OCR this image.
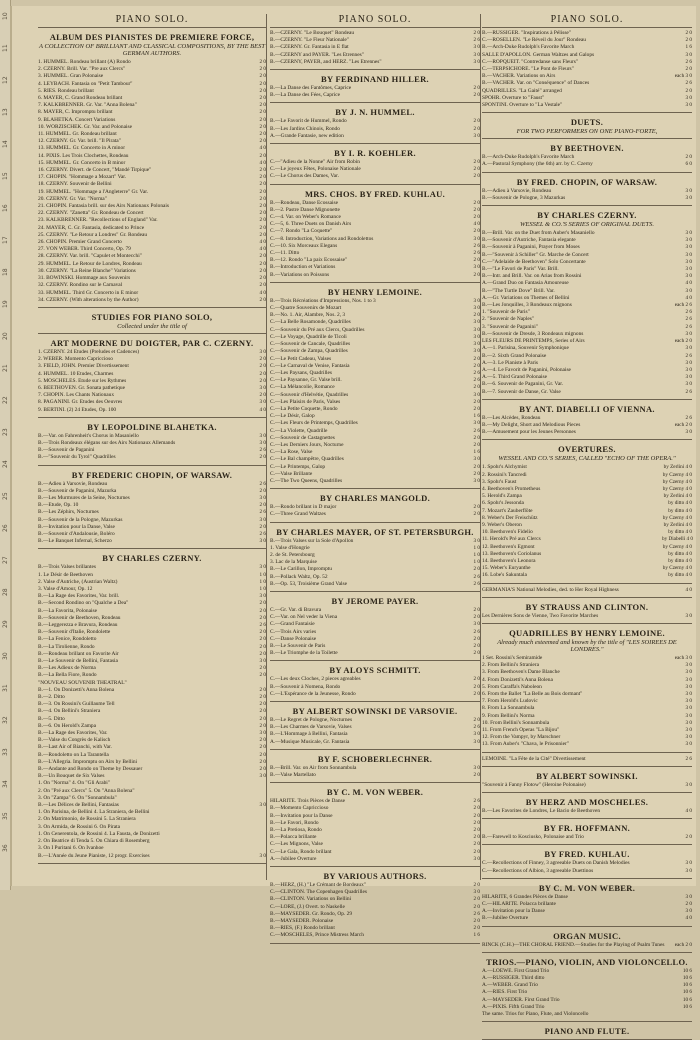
10
11
12
13
14
15
16
17
18
19
20
21
22
23
24
25
26
27
28
29
30
31
32
33
34
35
36
PIANO SOLO.
ALBUM DES PIANISTES DE PREMIERE FORCE,
A COLLECTION OF BRILLIANT AND CLASSICAL COMPOSITIONS, BY THE BEST GERMAN AUTHORS.
1. HUMMEL. Rondeau brillant (A) Rondo	2 0
2. CZERNY. Brill. Var. "Pre aux Clercs"	2 0
3. HUMMEL. Gran Polonaise	2 0
4. LEYBACH. Fantasia on "Petit Tambour"	2 0
5. RIES. Rondeau brillant	2 0
6. MAYER, C. Grand Rondeau brillant	2 0
7. KALKBRENNER. Gr. Var. "Anna Bolena"	2 0
8. MAYER, C. Impromptu brillant	2 0
9. BLAHETKA. Concert Variations	2 0
10. WORZISCHEK. Gr. Var. and Polonaise	2 0
11. HUMMEL. Gr. Rondeau brillant	2 0
12. CZERNY. Gr. Var. brill. "Il Pirata"	2 0
13. HUMMEL. Gr. Concerto in A minor	4 0
14. PIXIS. Les Trois Clochettes, Rondeau	2 0
15. HUMMEL. Gr. Concerto in B minor	4 0
16. CZERNY. Divert. de Concert, "Mandé Tirpique"	2 0
17. CHOPIN. "Hommage a Mozart" Var.	2 0
18. CZERNY. Souvenir de Bellini	2 0
19. HUMMEL. "Hommage a l'Angleterre" Gr. Var.	2 0
20. CZERNY. Gr. Var. "Norma"	2 0
21. CHOPIN. Fantasia brill. sur des Airs Nationaux Polonais	2 0
22. CZERNY. "Zanetta" Gr. Rondeau de Concert	2 0
23. KALKBRENNER. "Recollections of England" Var.	2 0
24. MAYER, C. Gr. Fantasia, dedicated to Prince	2 0
25. CZERNY. "Le Retour a Londres" Gr. Rondeau	2 0
26. CHOPIN. Premier Grand Concerto	4 0
27. VON WEBER. Third Concerto, Op. 79	4 0
28. CZERNY. Var. brill. "Capulet et Montecchi"	2 0
29. HUMMEL. Le Retour de Londres, Rondeau	2 0
30. CZERNY. "La Reine Blanche" Variations	2 0
31. BOWINSKI. Hommage aux Souvenirs	2 0
32. CZERNY. Rondino sur le Carnaval	2 0
33. HUMMEL. Third Gr. Concerto in E minor	4 0
34. CZERNY. (With alterations by the Author)	2 0
STUDIES FOR PIANO SOLO,
Collected under the title of
ART MODERNE DU DOIGTER, PAR C. CZERNY.
1. CZERNY. 24 Etudes (Preludes et Cadences)	3 0
2. WEBER. Momento Capriccioso	2 0
3. FIELD, JOHN. Premier Divertissement	2 0
4. HUMMEL. 10 Etudes, Charmes	2 0
5. MOSCHELES. Etude sur les Rythmes	2 0
6. BEETHOVEN. Gr. Sonata pathetique	3 0
7. CHOPIN. Les Chants Nationaux	2 0
8. PAGANINI. Gr. Etudes des Oeuvres	3 0
9. BERTINI. (2) 24 Etudes, Op. 100	4 0
BY LEOPOLDINE BLAHETKA.
B.—Var. on Fahrenheit's Chorus in Masaniello	3 0
B.—Trois Rondeaux élégans sur des Airs Nationaux Allemands	3 0
B.—Souvenir de Paganini	2 6
B.—"Souvenir du Tyrol" Quadrilles	2 0
BY FREDERIC CHOPIN, OF WARSAW.
B.—Adieu à Varsovie, Rondeau	2 6
B.—Souvenir de Paganini, Mazurka	2 0
B.—Les Murmures de la Seine, Nocturnes	3 0
B.—Etude, Op. 10	2 0
B.—Les Zéphirs, Nocturnes	2 6
B.—Souvenir de la Pologne, Mazurkas	3 0
B.—Invitation pour la Danse, Valse	2 0
B.—Souvenir d'Andalousie, Boléro	2 6
B.—Le Banquet Infernal, Scherzo	3 0
BY CHARLES CZERNY.
B.—Trois Valses brillantes	3 0
1. Le Désir de Beethoven	1 0
2. Valse d'Autriche, (Austrian Waltz)	1 0
3. Valse d'Amour, Op. 12	1 0
B.—La Rage des Favorites, Var. brill.	3 0
B.—Second Rondino on "Qualche a Dea"	2 0
B.—La Favorita, Polonaise	2 0
B.—Souvenir de Beethoven, Rondeau	2 0
B.—Leggerezza e Bravura, Rondeau	2 6
B.—Souvenir d'Italie, Rondolette	2 0
B.—La Fenice, Rondoletto	2 0
B.—La Tirolienne, Rondo	2 0
B.—Rondeau brillant on Favorite Air	2 0
B.—Le Souvenir de Bellini, Fantasia	3 0
B.—Les Adieux de Norma	2 0
B.—La Bella Fiore, Rondo	2 0
"NOUVEAU SOUVENIR THEATRAL"
B.—1. On Donizetti's Anna Bolena	2 0
B.—2. Ditto	2 0
B.—3. On Rossini's Guillaume Tell	2 0
B.—4. On Bellini's Straniera	2 0
B.—5. Ditto	2 0
B.—6. On Herold's Zampa	2 0
B.—La Rage des Favorites, Var.	3 0
B.—Valse du Congrès de Kalisch	2 0
B.—Last Air of Bianchi, with Var.	2 0
B.—Rondoletto on La Tarantella	2 0
B.—L'Allegria. Impromptu on Airs by Bellini	2 0
B.—Andante and Rondo on Theme by Dessauer	2 0
B.—Un Bouquet de Six Valses	3 0
1. On "Norma" 4. On "Gli Arabi"
2. On "Pré aux Clercs" 5. On "Anna Bolena"
3. On "Zampa" 6. On "Sonnambula"
B.—Les Délices de Bellini, Fantasias	3 0
1. On Parisina, de Bellini 4. La Straniera, de Bellini
2. On Matrimonio, de Rossini 5. La Straniera
3. On Armida, de Rossini 6. On Pirata
1. On Cenerentola, de Rossini 4. La Fausta, de Donizetti
2. On Beatrice di Tenda 5. On Chiara di Rosemberg
3. On I Puritani 6. On Ivanhoe
B.—L'Année du Jeune Pianiste, 12 progr. Exercises	3 0
PIANO SOLO.
B.—CZERNY. "Le Bouquet" Rondeau	2 0
B.—CZERNY. "Le Fleur Nationale"	2 6
B.—CZERNY. Gr. Fantasia in E flat	3 0
B.—CZERNY and PAYER. "Les Etrennes"	3 0
B.—CZERNY, PAYER, and HERZ. "Les Etrennes"	3 0
BY FERDINAND HILLER.
B.—La Danse des Fantômes, Caprice	2 0
B.—La Danse des Fées, Caprice	2 0
BY J. N. HUMMEL.
B.—Le Favorit de Hummel, Rondo	2 0
B.—Les Jardins Chinois, Rondo	2 0
A.—Grande Fantasie, new edition	3 0
BY I. R. KOEHLER.
C.—"Adieu de la Nonne" Air from Robin	2 0
C.—Le joyeux Fêtes, Polonaise Nationale	2 0
C.—Le Chorus des Dames, Var.	2 0
MRS. CHOS. BY FRED. KUHLAU.
B.—Rondeau, Danse Ecossaise	2 0
B.—2. Pastre Danse Mignonette	2 0
C.—4. Var. on Weber's Romance	2 0
C.—5, 6. Three Duets on Danish Airs	4 0
C.—7. Rondo "La Coquette"	2 0
C.—8. Introduction, Variations and Rondolettos	3 0
C.—10. Six Morceaux Elegans	2 6
C.—11. Ditto	2 6
B.—12. Rondo "La paix Ecossaise"	2 0
B.—Introduction et Variations	3 0
B.—Variations on Poissons	2 0
BY HENRY LEMOINE.
B.—Trois Récréations d'Impressions, Nos. 1 to 3	3 0
C.—Quatre Souvenirs de Mozart	3 0
B.—No. 1. Air, Alambre, Nos. 2, 3	2 0
C.—La Belle Rosamonde, Quadrilles	3 0
C.—Souvenir du Pré aux Clercs, Quadrilles	3 0
C.—Le Voyage, Quadrille de Ticoli	3 0
C.—Souvenir de Cancale, Quadrilles	3 0
C.—Souvenir de Zampa, Quadrilles	3 0
C.—Le Petit Cadeau, Valses	2 0
C.—Le Carnaval de Venise, Fantasia	2 0
C.—Les Paysans, Quadrilles	2 6
C.—Le Paysanne, Gr. Valse brill.	2 6
C.—La Mélancolie, Romance	2 0
C.—Souvenir d'Helvétie, Quadrilles	3 0
C.—Les Plaisirs de Paris, Valses	2 0
C.—La Petite Coquette, Rondo	2 0
C.—Le Désir, Galop	1 6
C.—Les Fleurs de Printemps, Quadrilles	3 0
C.—La Violette, Quadrille	2 6
C.—Souvenir de Castagnettes	2 0
C.—Les Derniers Jours, Nocturne	2 0
C.—La Rose, Valse	1 6
C.—Le Bal champêtre, Quadrilles	3 0
C.—Le Printemps, Galop	2 0
C.—Valse Brillante	2 0
C.—The Two Queens, Quadrilles	3 0
BY CHARLES MANGOLD.
B.—Rondo brillant in D major	2 0
C.—Three Grand Waltzes	2 0
BY CHARLES MAYER, OF ST. PETERSBURGH.
B.—Trois Valses sur la Sole d'Apollon	3 0
1. Valse d'Hongrie	1 0
2. de St. Petersbourg	1 0
3. Lac de la Marquise	1 0
B.—Le Carillon, Impromptu	2 0
B.—Pollack Waltz, Op. 52	2 6
B.—Op. 53, Troisième Grand Valse	2 6
BY JEROME PAYER.
C.—Gr. Var. di Bravura	2 0
C.—Var. on Nel veder la Viena	2 0
C.—Grand Fantaisie	3 0
C.—Trois Airs varies	2 6
C.—Danse Polonaise	2 0
B.—Le Souvenir de Paris	2 0
B.—Le Triomphe de la Toilette	2 0
BY ALOYS SCHMITT.
C.—Les deux Cloches, 2 pieces agreables	2 0
B.—Souvenir à Nomena, Rondo	2 0
C.—L'Espérance de la Jeunesse, Rondo	2 0
BY ALBERT SOWINSKI DE VARSOVIE.
B.—Le Regret de Pologne, Nocturnes	2 0
B.—Les Charmes de Varsovie, Valses	2 6
B.—L'Hommage à Bellini, Fantasia	3 0
A.—Musique Musicale, Gr. Fantasia	3 0
BY F. SCHOBERLECHNER.
B.—Brill. Var. on Air from Sonnambula	3 0
B.—Valse Martellato	2 0
BY C. M. VON WEBER.
HILARITE. Trois Pièces de Danse	2 6
B.—Momento Capriccioso	2 0
B.—Invitation pour la Danse	2 0
B.—Le Favori, Rondo	2 0
B.—La Pretiosa, Rondo	2 0
B.—Polacca brillante	2 0
C.—Les Mignons, Valse	2 0
C.—Le Gala, Rondo brillant	2 0
A.—Jubilee Overture	3 0
BY VARIOUS AUTHORS.
B.—HERZ, (H.) "Le Crémant de Bordeaux"	2 0
C.—CLINTON. The Copenhagen Quadrilles	3 0
B.—CLINTON. Variations on Bellini	2 0
C.—LORE, (J.) Overt. to Naskelle	2 0
B.—MAYSEDER. Gr. Rondo, Op. 29	2 6
B.—MAYSEDER. Polonaise	2 0
B.—RIES, (F.) Rondo brillant	2 0
C.—MOSCHELES, Prince Mistress March	1 6
PIANO SOLO.
B.—RUSSIGER. "Inspirations à Pélisse"	2 0
C.—ROSELLEN. "Le Réveil du Jour" Rondeau	2 0
B.—Arch-Duke Rudolph's Favorite March	1 6
SALLE D'APOLLON. German Waltzes and Galops	3 0
C.—ROPQUEIT. "Contredanse sans Fleurs"	2 6
C.—TERPSICHORE. "Le Pont de Fleurs"	2 0
B.—VACHER. Variations on Airs	each 3 0
B.—VACHER. Var. on "Conséquence" of Dances	2 6
QUADRILLES. "La Gaité" arranged	2 0
SPOHR. Overture to "Faust"	3 0
SPONTINI. Overture to "La Vestale"	3 0
DUETS.
FOR TWO PERFORMERS ON ONE PIANO-FORTE,
BY BEETHOVEN.
B.—Arch-Duke Rudolph's Favorite March	2 0
A.—Pastoral Symphony (the 6th) arr. by C. Czerny	6 0
BY FRED. CHOPIN, OF WARSAW.
B.—Adieu à Varsovie, Rondeau	3 0
B.—Souvenir de Pologne, 3 Mazurkas	3 0
BY CHARLES CZERNY.
WESSEL & CO.'S SERIES OF ORIGINAL DUETS.
B.—Brill. Var. on the Duet from Auber's Masaniello	3 0
B.—Souvenir d'Autriche, Fantasia elegante	3 0
B.—Souvenir à Paganini, Prayer from Moses	3 0
B.—"Souvenir à Schiller" Gr. Marche de Concert	3 0
C.—"Adelaide de Beethoven" Solo Concertante	3 0
B.—"Le Favori de Paris" Var. Brill.	3 0
B.—Intr. and Brill. Var. on Arias from Rossini	3 0
A.—Grand Duo on Fantasia Amoureuse	4 0
B.—"The Turtle Dove" Brill. Var.	3 0
A.—Gr. Variations on Themes of Bellini	4 0
B.—Les Jonquilles, 3 Rondeaux mignons	each 2 6
1. "Souvenir de Paris"	2 6
2. "Souvenir de Naples"	2 6
3. "Souvenir de Paganini"	2 6
B.—Souvenir de Dresde, 3 Rondeaux mignons	3 0
LES FLEURS DE PRINTEMPS, Series of Airs	each 2 0
A.—1. Parisina, Souvenir Symphonique	3 0
B.—2. Sixth Grand Polonaise	2 6
A.—3. Le Pianiste à Paris	3 0
A.—4. Le Favorit de Paganini, Polonaise	3 0
A.—5. Third Grand Polonaise	3 0
B.—6. Souvenir de Paganini, Gr. Var.	3 0
B.—7. Souvenir de Danse, Gr. Valse	2 6
BY ANT. DIABELLI OF VIENNA.
B.—Les Alcèdes, Rondeau	2 6
B.—My Delight, Short and Melodious Pieces	each 2 0
B.—Amusement pour les Jeunes Personnes	3 0
OVERTURES.
WESSEL AND CO.'S SERIES, CALLED "ECHO OF THE OPERA."
1. Spohr's Alchymist	by Zerlini 4 0
2. Rossini's Tancredi	by Czerny 4 0
3. Spohr's Faust	by Czerny 4 0
4. Beethoven's Prometheus	by Czerny 4 0
5. Herold's Zampa	by Zerlini 4 0
6. Spohr's Jessonda	by ditto 4 0
7. Mozart's Zauberflöte	by ditto 4 0
8. Weber's Der Freischütz	by Czerny 4 0
9. Weber's Oberon	by Zerlini 4 0
10. Beethoven's Fidelio	by ditto 4 0
11. Herold's Pré aux Clercs	by Diabelli 4 0
12. Beethoven's Egmont	by Czerny 4 0
13. Beethoven's Coriolanus	by ditto 4 0
14. Beethoven's Leonora	by ditto 4 0
15. Weber's Euryanthe	by Czerny 4 0
16. Lobe's Sakuntala	by ditto 4 0
GERMANIA'S National Melodies, ded. to Her Royal Highness	4 0
BY STRAUSS AND CLINTON.
Les Dernières Sons de Vienne, Two Favorite Marches	3 0
QUADRILLES BY HENRY LEMOINE.
Already much esteemed and known by the title of "LES SOIREES DE LONDRES."
1 Set. Rossini's Semiramide	each 3 0
2. From Bellini's Straniera	3 0
3. From Beethoven's Dame Blanche	3 0
4. From Donizetti's Anna Bolena	3 0
5. From Caraffa's Naboleon	3 0
6. From the Ballet "La Belle au Bois dormant"	3 0
7. From Herold's Ludovic	3 0
8. From La Sonnambula	3 0
9. From Bellini's Norma	3 0
10. From Bellini's Sonnambula	3 0
11. From French Operas "La Bijou"	3 0
12. From the Vampyr, by Marschner	3 0
13. From Auber's "Chava, le Prisonnier"	3 0
LEMOINE. "La Fête de la Cité" Divertissement	2 6
BY ALBERT SOWINSKI.
"Souvenir à Fanny Flotow" (Heroine Polonaise)	3 0
BY HERZ AND MOSCHELES.
B.—Les Favorites de Londres, Le Bacio de Beethoven	4 0
BY FR. HOFFMANN.
B.—Farewell to Kosciusko, Polonaise and Trio	2 0
BY FRED. KUHLAU.
C.—Recollections of Finney, 3 agreeable Duets on Danish Melodies	3 0
C.—Recollections of Albion, 3 agreeable Duettinos	3 0
BY C. M. VON WEBER.
HILARITE, 6 Grandes Pièces de Danse	3 0
C.—HILARITE. Polacca brillante	2 0
A.—Invitation pour la Danse	3 0
B.—Jubilee Overture	4 0
ORGAN MUSIC.
RINCK (C.H.)—THE CHORAL FRIEND.—Studies for the Playing of Psalm Tunes	each 2 0
TRIOS.—PIANO, VIOLIN, AND VIOLONCELLO.
A.—LOEWE. First Grand Trio	10 6
A.—RUSSIGER. Third ditto	10 6
A.—WEBER. Grand Trio	10 6
A.—RIES. First Trio	10 6
A.—MAYSEDER. First Grand Trio	10 6
A.—PIXIS. Fifth Grand Trio	10 6
The same. Trios for Piano, Flute, and Violoncello
PIANO AND FLUTE.
